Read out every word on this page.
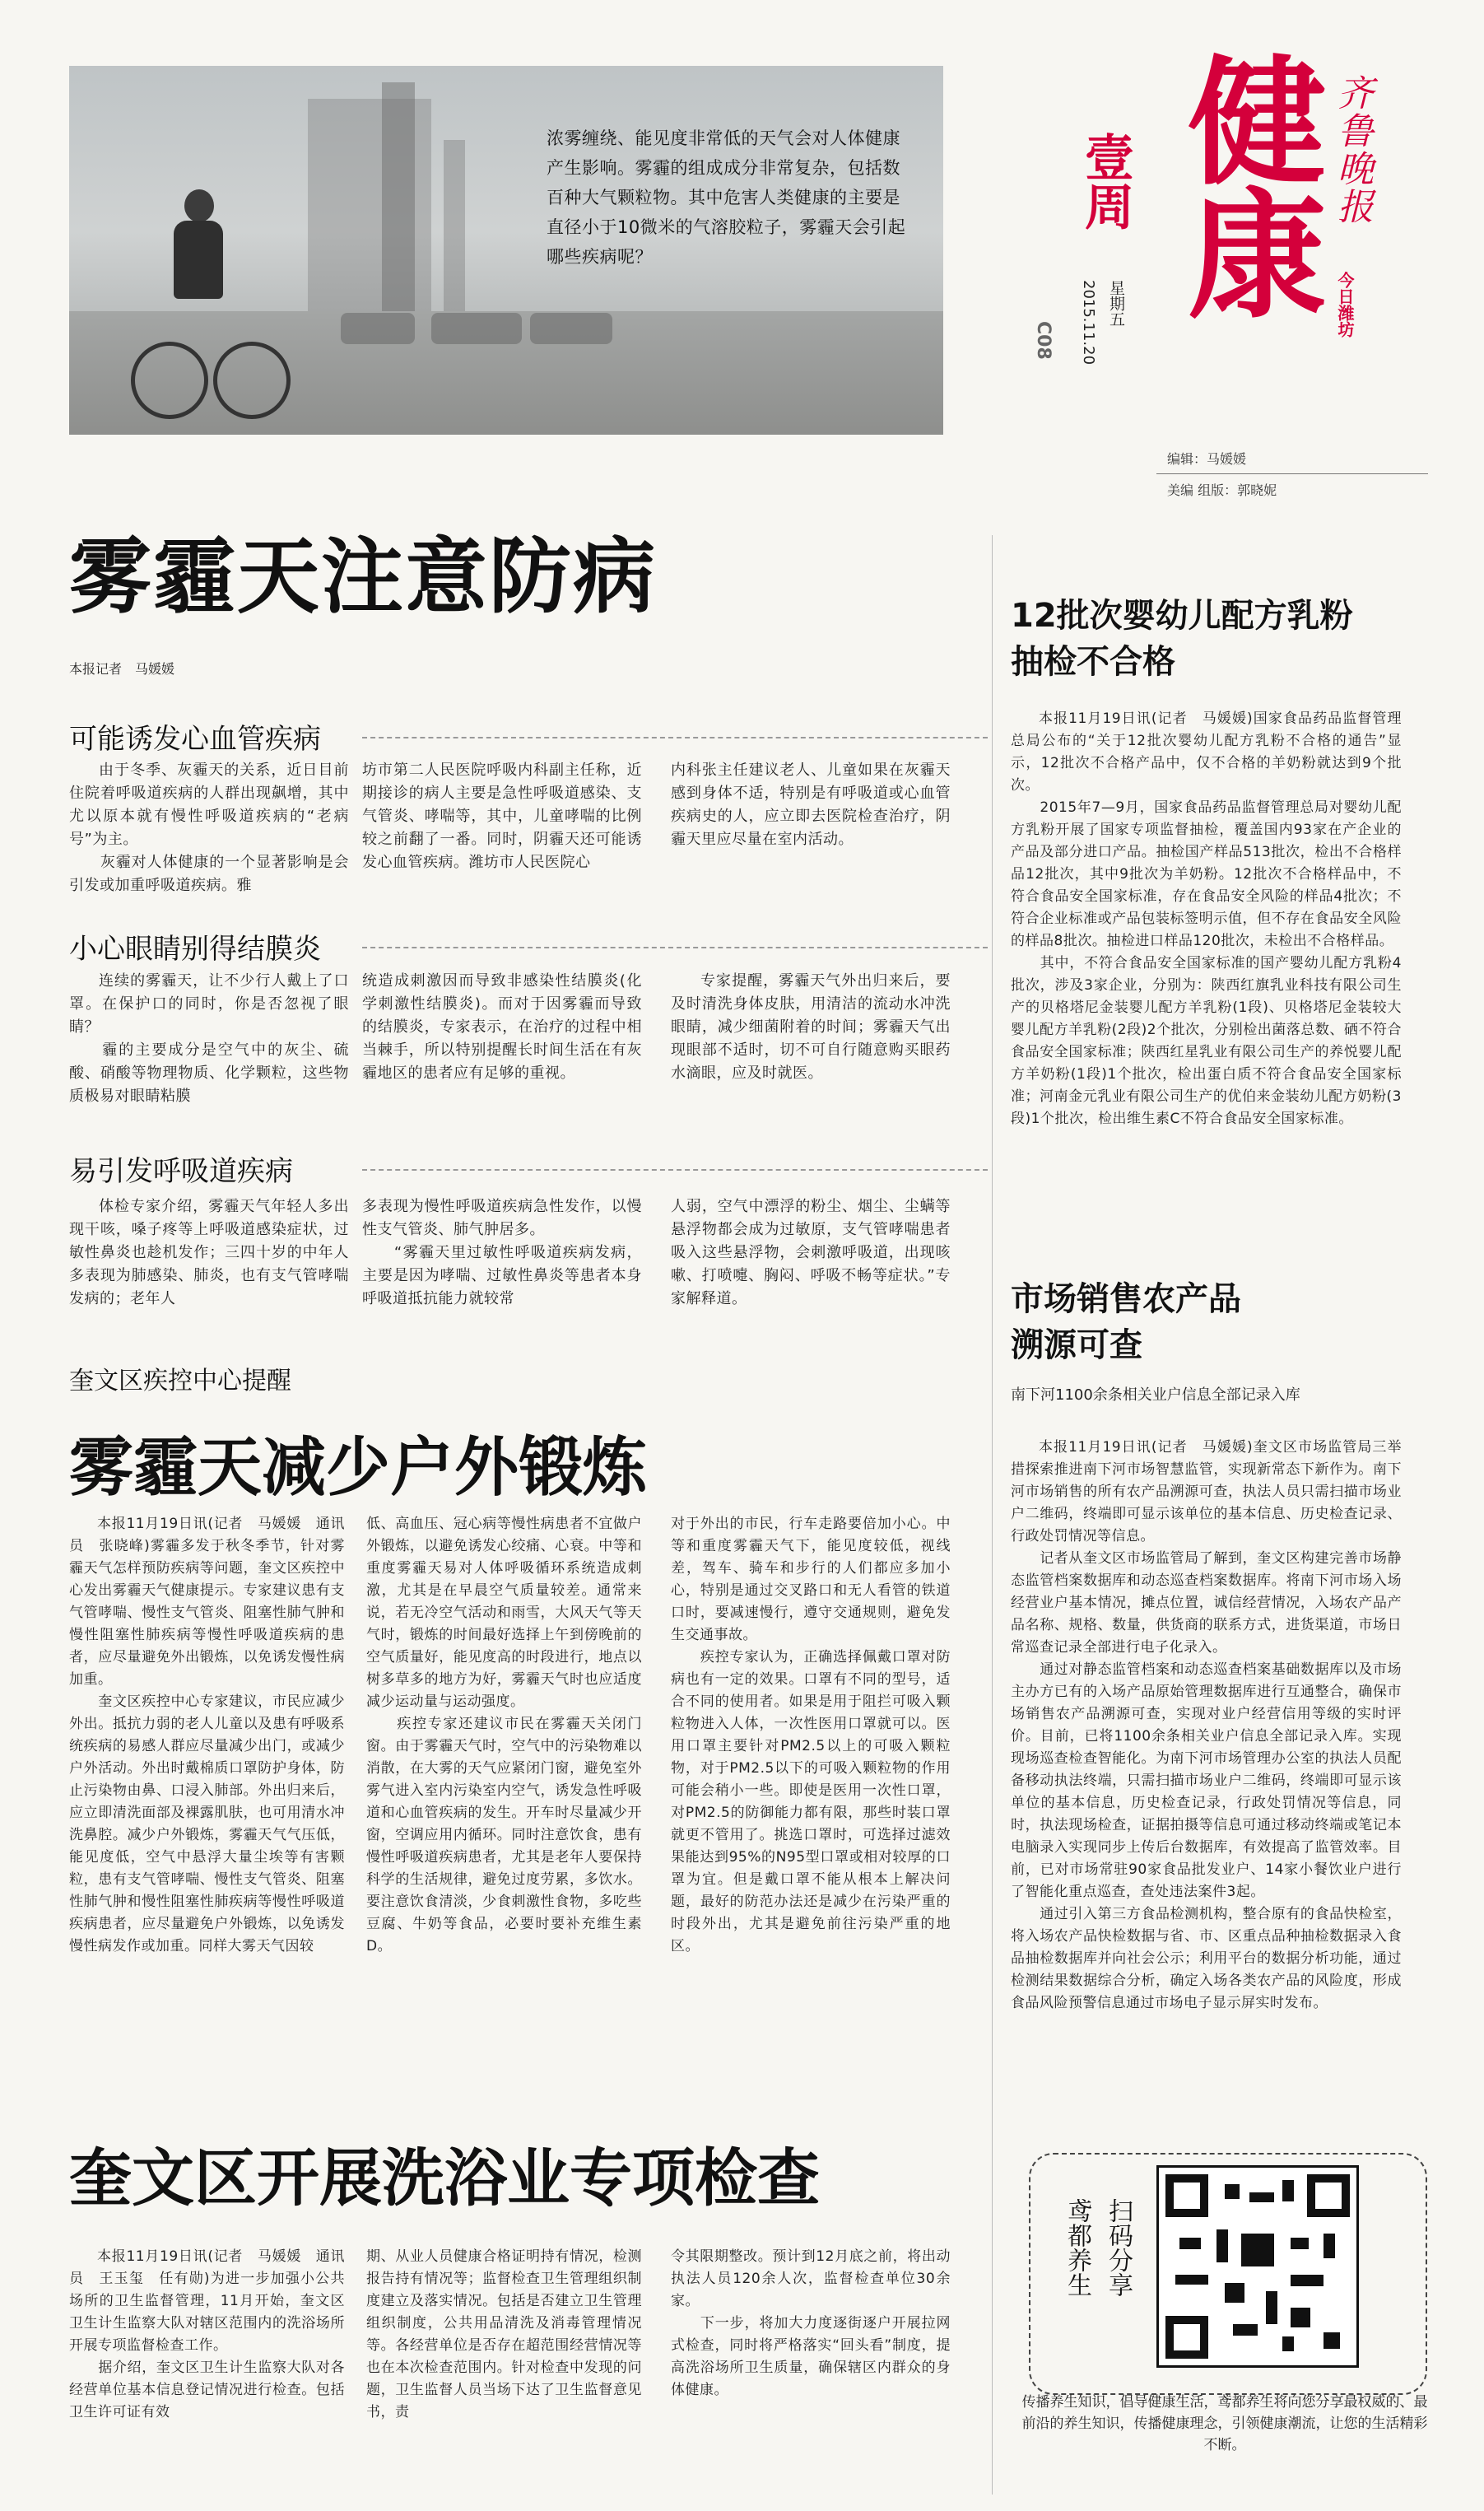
浓雾缠绕、能见度非常低的天气会对人体健康产生影响。雾霾的组成成分非常复杂，包括数百种大气颗粒物。其中危害人类健康的主要是直径小于10微米的气溶胶粒子，雾霾天会引起哪些疾病呢？	健康 齐鲁晚报
今日潍坊
壹周
星期五
2015.11.20
C08
编辑：马媛媛
美编 组版：郭晓妮
雾霾天注意防病
本报记者　马媛媛
可能诱发心血管疾病
由于冬季、灰霾天的关系，近日目前住院着呼吸道疾病的人群出现飙增，其中尤以原本就有慢性呼吸道疾病的“老病号”为主。
　　灰霾对人体健康的一个显著影响是会引发或加重呼吸道疾病。雅
坊市第二人民医院呼吸内科副主任称，近期接诊的病人主要是急性呼吸道感染、支气管炎、哮喘等，其中，儿童哮喘的比例较之前翻了一番。同时，阴霾天还可能诱发心血管疾病。潍坊市人民医院心
内科张主任建议老人、儿童如果在灰霾天感到身体不适，特别是有呼吸道或心血管疾病史的人，应立即去医院检查治疗，阴霾天里应尽量在室内活动。
小心眼睛别得结膜炎
连续的雾霾天，让不少行人戴上了口罩。在保护口的同时，你是否忽视了眼睛？
　　霾的主要成分是空气中的灰尘、硫酸、硝酸等物理物质、化学颗粒，这些物质极易对眼睛粘膜
统造成刺激因而导致非感染性结膜炎(化学刺激性结膜炎)。而对于因雾霾而导致的结膜炎，专家表示，在治疗的过程中相当棘手，所以特别提醒长时间生活在有灰霾地区的患者应有足够的重视。
专家提醒，雾霾天气外出归来后，要及时清洗身体皮肤，用清洁的流动水冲洗眼睛，减少细菌附着的时间；雾霾天气出现眼部不适时，切不可自行随意购买眼药水滴眼，应及时就医。
易引发呼吸道疾病
体检专家介绍，雾霾天气年轻人多出现干咳，嗓子疼等上呼吸道感染症状，过敏性鼻炎也趁机发作；三四十岁的中年人多表现为肺感染、肺炎，也有支气管哮喘发病的；老年人
多表现为慢性呼吸道疾病急性发作，以慢性支气管炎、肺气肿居多。
　　“雾霾天里过敏性呼吸道疾病发病，主要是因为哮喘、过敏性鼻炎等患者本身呼吸道抵抗能力就较常
人弱，空气中漂浮的粉尘、烟尘、尘螨等悬浮物都会成为过敏原，支气管哮喘患者吸入这些悬浮物，会刺激呼吸道，出现咳嗽、打喷嚏、胸闷、呼吸不畅等症状。”专家解释道。
奎文区疾控中心提醒
雾霾天减少户外锻炼
本报11月19日讯(记者　马媛媛　通讯员　张晓峰)雾霾多发于秋冬季节，针对雾霾天气怎样预防疾病等问题，奎文区疾控中心发出雾霾天气健康提示。专家建议患有支气管哮喘、慢性支气管炎、阻塞性肺气肿和慢性阻塞性肺疾病等慢性呼吸道疾病的患者，应尽量避免外出锻炼，以免诱发慢性病加重。
　　奎文区疾控中心专家建议，市民应减少外出。抵抗力弱的老人儿童以及患有呼吸系统疾病的易感人群应尽量减少出门，或减少户外活动。外出时戴棉质口罩防护身体，防止污染物由鼻、口浸入肺部。外出归来后，应立即清洗面部及裸露肌肤，也可用清水冲洗鼻腔。减少户外锻炼，雾霾天气气压低，能见度低，空气中悬浮大量尘埃等有害颗粒，患有支气管哮喘、慢性支气管炎、阻塞性肺气肿和慢性阻塞性肺疾病等慢性呼吸道疾病患者，应尽量避免户外锻炼，以免诱发慢性病发作或加重。同样大雾天气因较
低、高血压、冠心病等慢性病患者不宜做户外锻炼，以避免诱发心绞痛、心衰。中等和重度雾霾天易对人体呼吸循环系统造成刺激，尤其是在早晨空气质量较差。通常来说，若无冷空气活动和雨雪，大风天气等天气时，锻炼的时间最好选择上午到傍晚前的空气质量好，能见度高的时段进行，地点以树多草多的地方为好，雾霾天气时也应适度减少运动量与运动强度。
　　疾控专家还建议市民在雾霾天关闭门窗。由于雾霾天气时，空气中的污染物难以消散，在大雾的天气应紧闭门窗，避免室外雾气进入室内污染室内空气，诱发急性呼吸道和心血管疾病的发生。开车时尽量减少开窗，空调应用内循环。同时注意饮食，患有慢性呼吸道疾病患者，尤其是老年人要保持科学的生活规律，避免过度劳累，多饮水。要注意饮食清淡，少食刺激性食物，多吃些豆腐、牛奶等食品，必要时要补充维生素D。
对于外出的市民，行车走路要倍加小心。中等和重度雾霾天气下，能见度较低，视线差，驾车、骑车和步行的人们都应多加小心，特别是通过交叉路口和无人看管的铁道口时，要减速慢行，遵守交通规则，避免发生交通事故。
　　疾控专家认为，正确选择佩戴口罩对防病也有一定的效果。口罩有不同的型号，适合不同的使用者。如果是用于阻拦可吸入颗粒物进入人体，一次性医用口罩就可以。医用口罩主要针对PM2.5以上的可吸入颗粒物，对于PM2.5以下的可吸入颗粒物的作用可能会稍小一些。即使是医用一次性口罩，对PM2.5的防御能力都有限，那些时装口罩就更不管用了。挑选口罩时，可选择过滤效果能达到95%的N95型口罩或相对较厚的口罩为宜。但是戴口罩不能从根本上解决问题，最好的防范办法还是减少在污染严重的时段外出，尤其是避免前往污染严重的地区。
奎文区开展洗浴业专项检查
本报11月19日讯(记者　马媛媛　通讯员　王玉玺　任有勋)为进一步加强小公共场所的卫生监督管理，11月开始，奎文区卫生计生监察大队对辖区范围内的洗浴场所开展专项监督检查工作。
　　据介绍，奎文区卫生计生监察大队对各经营单位基本信息登记情况进行检查。包括卫生许可证有效
期、从业人员健康合格证明持有情况，检测报告持有情况等；监督检查卫生管理组织制度建立及落实情况。包括是否建立卫生管理组织制度，公共用品清洗及消毒管理情况等。各经营单位是否存在超范围经营情况等也在本次检查范围内。针对检查中发现的问题，卫生监督人员当场下达了卫生监督意见书，责
令其限期整改。预计到12月底之前，将出动执法人员120余人次，监督检查单位30余家。
　　下一步，将加大力度逐街逐户开展拉网式检查，同时将严格落实“回头看”制度，提高洗浴场所卫生质量，确保辖区内群众的身体健康。
12批次婴幼儿配方乳粉
抽检不合格
本报11月19日讯(记者　马媛媛)国家食品药品监督管理总局公布的“关于12批次婴幼儿配方乳粉不合格的通告”显示，12批次不合格产品中，仅不合格的羊奶粉就达到9个批次。
　　2015年7—9月，国家食品药品监督管理总局对婴幼儿配方乳粉开展了国家专项监督抽检，覆盖国内93家在产企业的产品及部分进口产品。抽检国产样品513批次，检出不合格样品12批次，其中9批次为羊奶粉。12批次不合格样品中，不符合食品安全国家标准，存在食品安全风险的样品4批次；不符合企业标准或产品包装标签明示值，但不存在食品安全风险的样品8批次。抽检进口样品120批次，未检出不合格样品。
　　其中，不符合食品安全国家标准的国产婴幼儿配方乳粉4批次，涉及3家企业，分别为：陕西红旗乳业科技有限公司生产的贝格塔尼金装婴儿配方羊乳粉(1段)、贝格塔尼金装较大婴儿配方羊乳粉(2段)2个批次，分别检出菌落总数、硒不符合食品安全国家标准；陕西红星乳业有限公司生产的养悦婴儿配方羊奶粉(1段)1个批次，检出蛋白质不符合食品安全国家标准；河南金元乳业有限公司生产的优伯来金装幼儿配方奶粉(3段)1个批次，检出维生素C不符合食品安全国家标准。
市场销售农产品
溯源可查
南下河1100余条相关业户信息全部记录入库
本报11月19日讯(记者　马媛媛)奎文区市场监管局三举措探索推进南下河市场智慧监管，实现新常态下新作为。南下河市场销售的所有农产品溯源可查，执法人员只需扫描市场业户二维码，终端即可显示该单位的基本信息、历史检查记录、行政处罚情况等信息。
　　记者从奎文区市场监管局了解到，奎文区构建完善市场静态监管档案数据库和动态巡查档案数据库。将南下河市场入场经营业户基本情况，摊点位置，诚信经营情况，入场农产品产品名称、规格、数量，供货商的联系方式，进货渠道，市场日常巡查记录全部进行电子化录入。
　　通过对静态监管档案和动态巡查档案基础数据库以及市场主办方已有的入场产品原始管理数据库进行互通整合，确保市场销售农产品溯源可查，实现对业户经营信用等级的实时评价。目前，已将1100余条相关业户信息全部记录入库。实现现场巡查检查智能化。为南下河市场管理办公室的执法人员配备移动执法终端，只需扫描市场业户二维码，终端即可显示该单位的基本信息，历史检查记录，行政处罚情况等信息，同时，执法现场检查，证据拍摄等信息可通过移动终端或笔记本电脑录入实现同步上传后台数据库，有效提高了监管效率。目前，已对市场常驻90家食品批发业户、14家小餐饮业户进行了智能化重点巡查，查处违法案件3起。
　　通过引入第三方食品检测机构，整合原有的食品快检室，将入场农产品快检数据与省、市、区重点品种抽检数据录入食品抽检数据库并向社会公示；利用平台的数据分析功能，通过检测结果数据综合分析，确定入场各类农产品的风险度，形成食品风险预警信息通过市场电子显示屏实时发布。
扫码分享
鸢都养生
传播养生知识，倡导健康生活，鸢都养生将向您分享最权威的、最前沿的养生知识，传播健康理念，引领健康潮流，让您的生活精彩不断。
